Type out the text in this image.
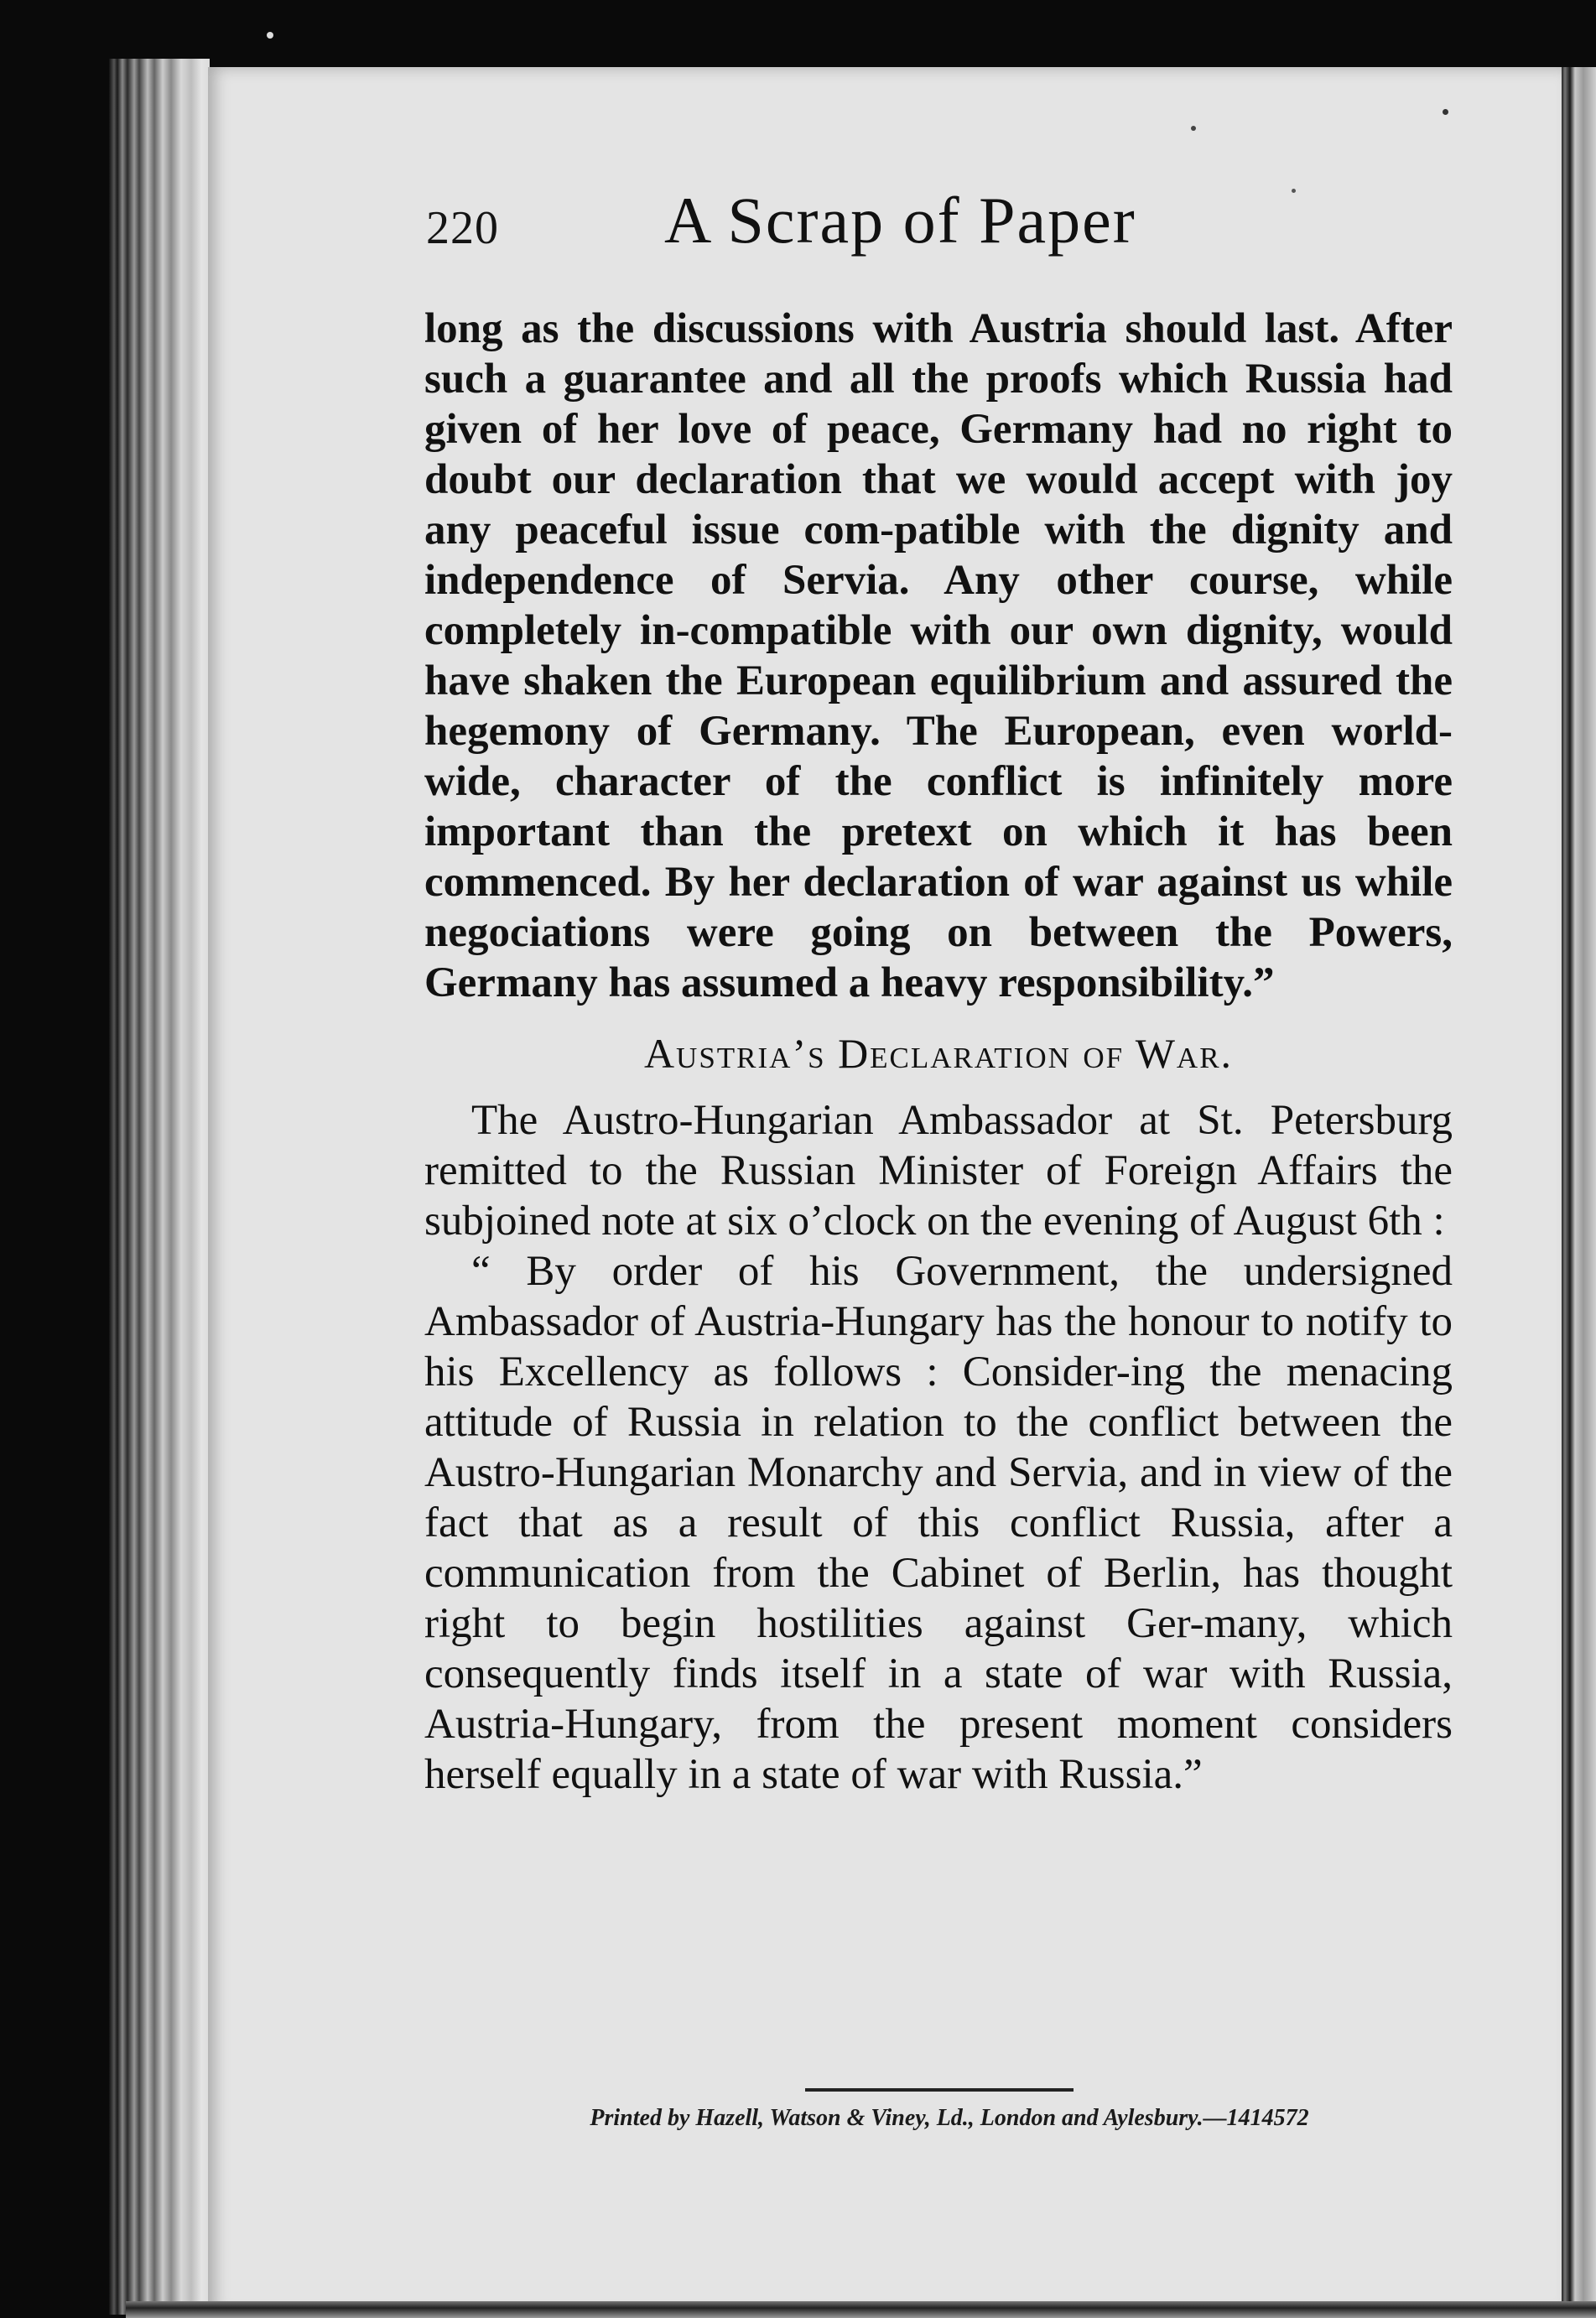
220	A Scrap of Paper

long as the discussions with Austria should last. After such a guarantee and all the proofs which Russia had given of her love of peace, Germany had no right to doubt our declaration that we would accept with joy any peaceful issue com-patible with the dignity and independence of Servia. Any other course, while completely in-compatible with our own dignity, would have shaken the European equilibrium and assured the hegemony of Germany. The European, even world-wide, character of the conflict is infinitely more important than the pretext on which it has been commenced. By her declaration of war against us while negociations were going on between the Powers, Germany has assumed a heavy responsibility.”

Austria’s Declaration of War.

The Austro-Hungarian Ambassador at St. Petersburg remitted to the Russian Minister of Foreign Affairs the subjoined note at six o’clock on the evening of August 6th :

“ By order of his Government, the undersigned Ambassador of Austria-Hungary has the honour to notify to his Excellency as follows : Consider-ing the menacing attitude of Russia in relation to the conflict between the Austro-Hungarian Monarchy and Servia, and in view of the fact that as a result of this conflict Russia, after a communication from the Cabinet of Berlin, has thought right to begin hostilities against Ger-many, which consequently finds itself in a state of war with Russia, Austria-Hungary, from the present moment considers herself equally in a state of war with Russia.”

Printed by Hazell, Watson & Viney, Ld., London and Aylesbury.—1414572
